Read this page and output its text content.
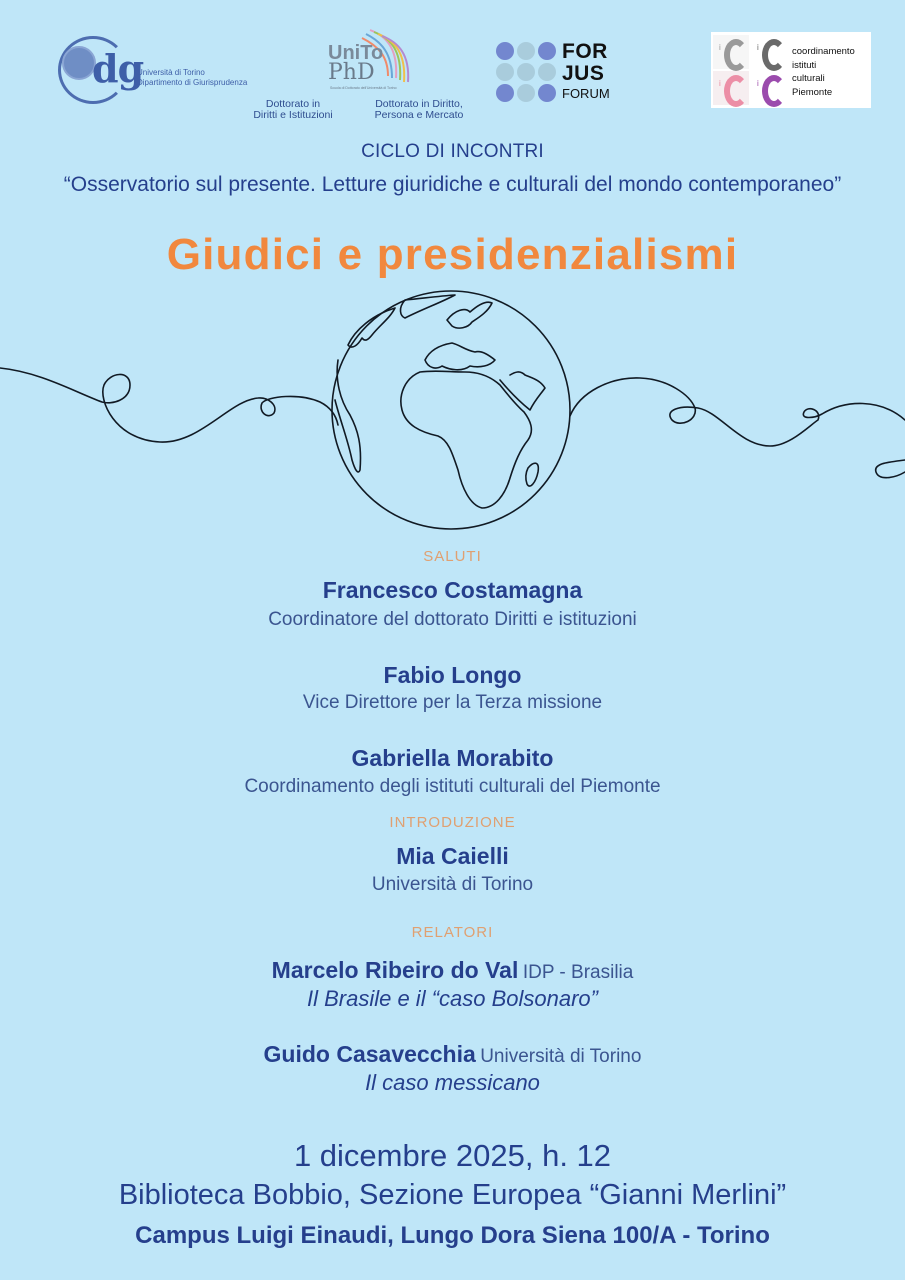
dg
Università di Torino
Dipartimento di Giurisprudenza
UniTo
PhD
Scuola di Dottorato dell'Università di Torino
Dottorato in
Diritti e Istituzioni
Dottorato in Diritto,
Persona e Mercato
FOR
JUS
FORUM
i	i
i	i
coordinamento
istituti
culturali
Piemonte
CICLO DI INCONTRI
“Osservatorio sul presente. Letture giuridiche e culturali del mondo contemporaneo”
Giudici e presidenzialismi
SALUTI
Francesco Costamagna
Coordinatore del dottorato Diritti e istituzioni
Fabio Longo
Vice Direttore per la Terza missione
Gabriella Morabito
Coordinamento degli istituti culturali del Piemonte
INTRODUZIONE
Mia Caielli
Università di Torino
RELATORI
Marcelo Ribeiro do Val IDP - Brasilia
Il Brasile e il “caso Bolsonaro”
Guido Casavecchia Università di Torino
Il caso messicano
1 dicembre 2025, h. 12
Biblioteca Bobbio, Sezione Europea “Gianni Merlini”
Campus Luigi Einaudi, Lungo Dora Siena 100/A - Torino
